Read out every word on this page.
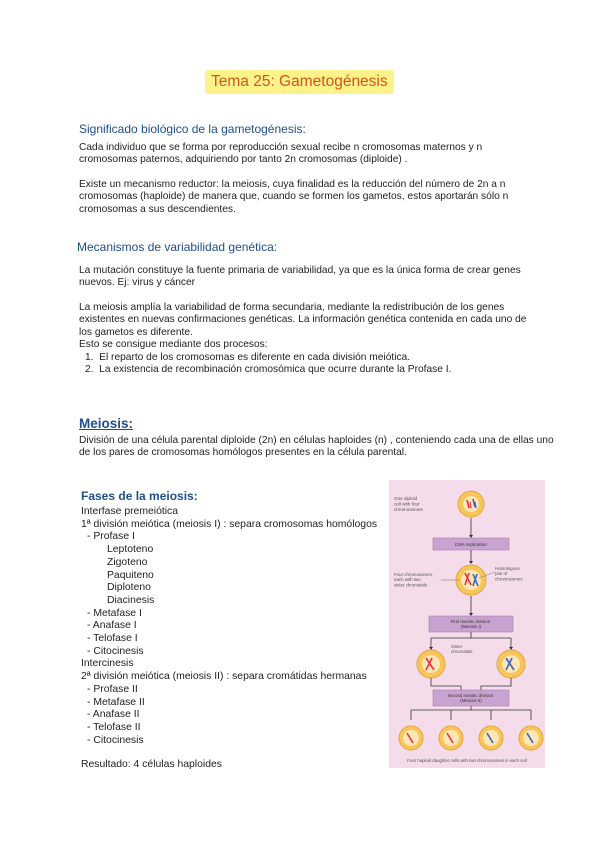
Tema 25: Gametogénesis
Significado biológico de la gametogénesis:
Cada individuo que se forma por reproducción sexual recibe n cromosomas maternos y n
cromosomas paternos, adquiriendo por tanto 2n cromosomas (diploide) .
Existe un mecanismo reductor: la meiosis, cuya finalidad es la reducción del número de 2n a n
cromosomas (haploide) de manera que, cuando se formen los gametos, estos aportarán sólo n
cromosomas a sus descendientes.
Mecanismos de variabilidad genética:
La mutación constituye la fuente primaria de variabilidad, ya que es la única forma de crear genes
nuevos. Ej: virus y cáncer
La meiosis amplía la variabilidad de forma secundaria, mediante la redistribución de los genes
existentes en nuevas confirmaciones genéticas. La información genética contenida en cada uno de
los gametos es diferente.
Esto se consigue mediante dos procesos:
1.  El reparto de los cromosomas es diferente en cada división meiótica.
2.  La existencia de recombinación cromosómica que ocurre durante la Profase I.
Meiosis:
División de una célula parental diploide (2n) en células haploides (n) , conteniendo cada una de ellas uno
de los pares de cromosomas homólogos presentes en la célula parental.
Fases de la meiosis:
Interfase premeiótica
1ª división meiótica (meiosis I) : separa cromosomas homólogos
- Profase I
Leptoteno
Zigoteno
Paquiteno
Diploteno
Diacinesis
- Metafase I
- Anafase I
- Telofase I
- Citocinesis
Intercinesis
2ª división meiótica (meiosis II) : separa cromátidas hermanas
- Profase II
- Metafase II
- Anafase II
- Telofase II
- Citocinesis
Resultado: 4 células haploides
One diploid cell with four chromosomes
DNA replication
Four chromosomes, each with two sister chromatids
Homologous pair of chromosomes
First meiotic division (Meiosis I)
Sister chromatids
Second meiotic division (Meiosis II)
Four haploid daughter cells with two chromosomes in each cell
